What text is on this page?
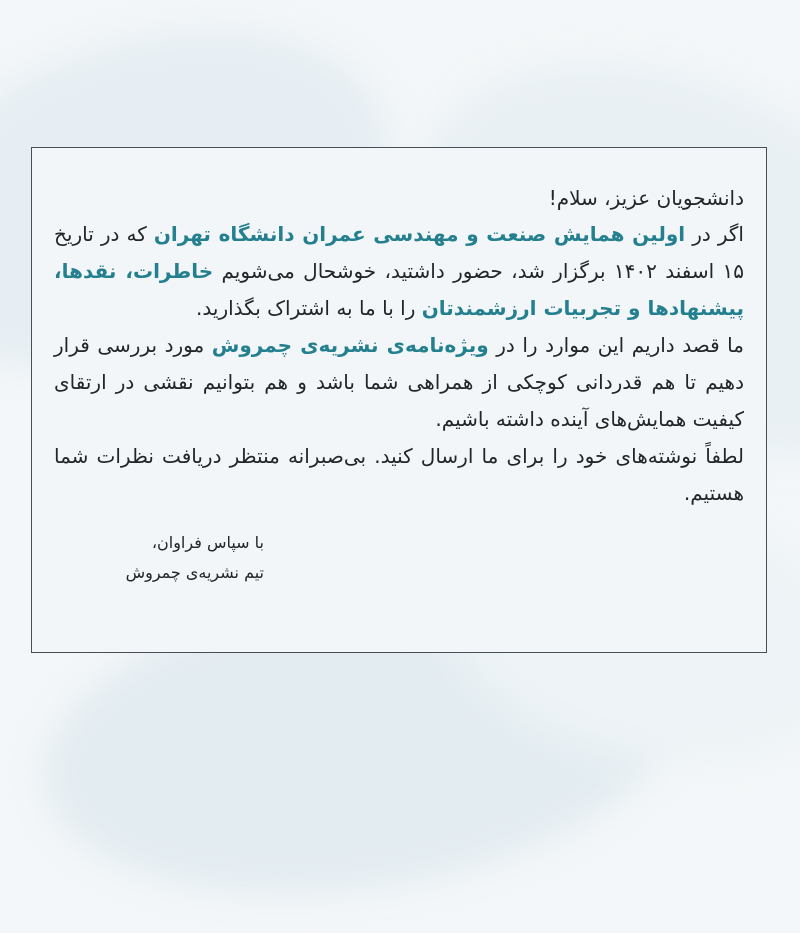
دانشجویان عزیز، سلام!

اگر در اولین همایش صنعت و مهندسی عمران دانشگاه تهران که در تاریخ ۱۵ اسفند ۱۴۰۲ برگزار شد، حضور داشتید، خوشحال می‌شویم خاطرات، نقدها، پیشنهادها و تجربیات ارزشمندتان را با ما به اشتراک بگذارید.

ما قصد داریم این موارد را در ویژه‌نامه‌ی نشریه‌ی چمروش مورد بررسی قرار دهیم تا هم قدردانی کوچکی از همراهی شما باشد و هم بتوانیم نقشی در ارتقای کیفیت همایش‌های آینده داشته باشیم.

لطفاً نوشته‌های خود را برای ما ارسال کنید. بی‌صبرانه منتظر دریافت نظرات شما هستیم.

با سپاس فراوان،
تیم نشریه‌ی چمروش
